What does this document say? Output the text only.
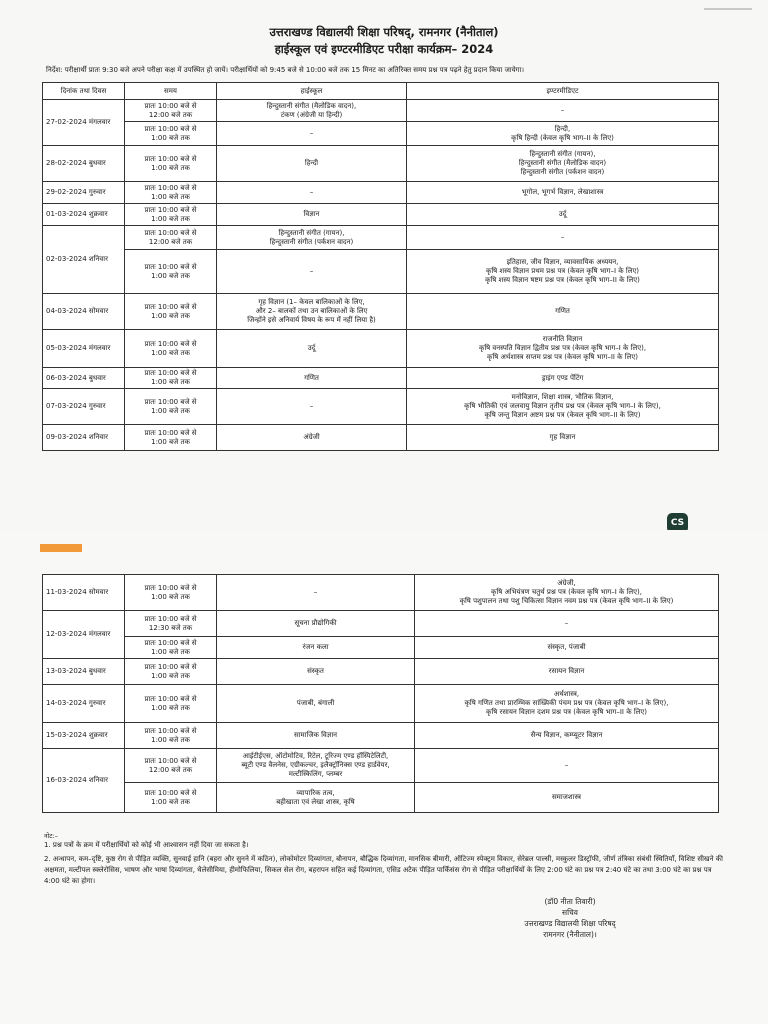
उत्तराखण्ड विद्यालयी शिक्षा परिषद्, रामनगर (नैनीताल)
हाईस्कूल एवं इण्टरमीडिएट परीक्षा कार्यक्रम– 2024
निर्देश: परीक्षार्थी प्रातः 9:30 बजे अपने परीक्षा कक्ष में उपस्थित हो जायें। परीक्षार्थियों को 9:45 बजे से 10:00 बजे तक 15 मिनट का अतिरिक्त समय प्रश्न पत्र पढ़ने हेतु प्रदान किया जायेगा।
दिनांक तथा दिवस	समय	हाईस्कूल	इण्टरमीडिएट
27-02-2024 मंगलवार	प्रातः 10:00 बजे से
12:00 बजे तक	हिन्दुस्तानी संगीत (मैलोडिक वादन),
टंकण (अंग्रेजी या हिन्दी)	–
	प्रातः 10:00 बजे से
1:00 बजे तक	–	हिन्दी,
कृषि हिन्दी (केवल कृषि भाग–II के लिए)
28-02-2024 बुधवार	प्रातः 10:00 बजे से
1:00 बजे तक	हिन्दी	हिन्दुस्तानी संगीत (गायन),
हिन्दुस्तानी संगीत (मैलोडिक वादन)
हिन्दुस्तानी संगीत (पर्कशन वादन)
29-02-2024 गुरुवार	प्रातः 10:00 बजे से
1:00 बजे तक	–	भूगोल, भूगर्भ विज्ञान, लेखाशास्त्र
01-03-2024 शुक्रवार	प्रातः 10:00 बजे से
1:00 बजे तक	विज्ञान	उर्दू
02-03-2024 शनिवार	प्रातः 10:00 बजे से
12:00 बजे तक	हिन्दुस्तानी संगीत (गायन),
हिन्दुस्तानी संगीत (पर्कशन वादन)	–
	प्रातः 10:00 बजे से
1:00 बजे तक	–	इतिहास, जीव विज्ञान, व्यावसायिक अध्ययन,
कृषि शस्य विज्ञान प्रथम प्रश्न पत्र (केवल कृषि भाग–I के लिए)
कृषि शस्य विज्ञान षष्टम प्रश्न पत्र (केवल कृषि भाग–II के लिए)
04-03-2024 सोमवार	प्रातः 10:00 बजे से
1:00 बजे तक	गृह विज्ञान (1– केवल बालिकाओं के लिए,
और 2– बालकों तथा उन बालिकाओं के लिए
जिन्होंने इसे अनिवार्य विषय के रूप में नहीं लिया है)	गणित
05-03-2024 मंगलवार	प्रातः 10:00 बजे से
1:00 बजे तक	उर्दू	राजनीति विज्ञान
कृषि वनस्पति विज्ञान द्वितीय प्रश्न पत्र (केवल कृषि भाग–I के लिए),
कृषि अर्थशास्त्र सप्तम प्रश्न पत्र (केवल कृषि भाग–II के लिए)
06-03-2024 बुधवार	प्रातः 10:00 बजे से
1:00 बजे तक	गणित	ड्राइंग एण्ड पेंटिंग
07-03-2024 गुरुवार	प्रातः 10:00 बजे से
1:00 बजे तक	–	मनोविज्ञान, शिक्षा शास्त्र, भौतिक विज्ञान,
कृषि भौतिकी एवं जलवायु विज्ञान तृतीय प्रश्न पत्र (केवल कृषि भाग–I के लिए),
कृषि जन्तु विज्ञान अष्टम प्रश्न पत्र (केवल कृषि भाग–II के लिए)
09-03-2024 शनिवार	प्रातः 10:00 बजे से
1:00 बजे तक	अंग्रेजी	गृह विज्ञान
CS
11-03-2024 सोमवार	प्रातः 10:00 बजे से
1:00 बजे तक	–	अंग्रेजी,
कृषि अभियंत्रण चतुर्थ प्रश्न पत्र (केवल कृषि भाग–I के लिए),
कृषि पशुपालन तथा पशु चिकित्सा विज्ञान नवम प्रश्न पत्र (केवल कृषि भाग–II के लिए)
12-03-2024 मंगलवार	प्रातः 10:00 बजे से
12:30 बजे तक	सूचना प्रौद्योगिकी	–
	प्रातः 10:00 बजे से
1:00 बजे तक	रंजन कला	संस्कृत, पंजाबी
13-03-2024 बुधवार	प्रातः 10:00 बजे से
1:00 बजे तक	संस्कृत	रसायन विज्ञान
14-03-2024 गुरुवार	प्रातः 10:00 बजे से
1:00 बजे तक	पंजाबी, बंगाली	अर्थशास्त्र,
कृषि गणित तथा प्रारम्भिक सांख्यिकी पंचम प्रश्न पत्र (केवल कृषि भाग–I के लिए),
कृषि रसायन विज्ञान दशम प्रश्न पत्र (केवल कृषि भाग–II के लिए)
15-03-2024 शुक्रवार	प्रातः 10:00 बजे से
1:00 बजे तक	सामाजिक विज्ञान	सैन्य विज्ञान, कम्प्यूटर विज्ञान
16-03-2024 शनिवार	प्रातः 10:00 बजे से
12:00 बजे तक	आईटीईएस, ऑटोमोटिव, रिटेल, टूरिज्म एण्ड हॉस्पिटेलिटी,
ब्यूटी एण्ड वैलनेस, एग्रीकल्चर, इलैक्ट्रॉनिक्स एण्ड हार्डवेयर,
मल्टीस्किलिंग, प्लम्बर	–
	प्रातः 10:00 बजे से
1:00 बजे तक	व्यापारिक तत्व,
बहीखाता एवं लेखा शास्त्र, कृषि	समाजशास्त्र
नोट:–
1. प्रश्न पत्रों के क्रम में परीक्षार्थियों को कोई भी आश्वासन नहीं दिया जा सकता है।
2. अन्धापन, कम–दृष्टि, कुष्ठ रोग से पीड़ित व्यक्ति, सुनवाई हानि (बहरा और सुनने में कठिन), लोकोमोटर दिव्यांगता, बौनापन, बौद्धिक दिव्यांगता, मानसिक बीमारी, ऑटिज्म स्पेक्ट्रम विकार, सेरेब्रल पाल्सी, मस्कुलर डिस्ट्रॉफी, जीर्ण तंत्रिका संबंधी स्थितियाँ, विशिष्ट सीखने की अक्षमता, मल्टीपल स्क्लेरोसिस, भाषण और भाषा दिव्यांगता, थैलेसीमिया, हीमोफिलिया, सिकल सेल रोग, बहरापन सहित कई दिव्यांगता, एसिड अटैक पीड़ित पार्किंसंस रोग से पीड़ित परीक्षार्थियों के लिए 2:00 घंटे का प्रश्न पत्र 2:40 घंटे का तथा 3:00 घंटे का प्रश्न पत्र 4:00 घंटे का होगा।
(डॉ0 नीता तिवारी)
सचिव
उत्तराखण्ड विद्यालयी शिक्षा परिषद्
रामनगर (नैनीताल)।
